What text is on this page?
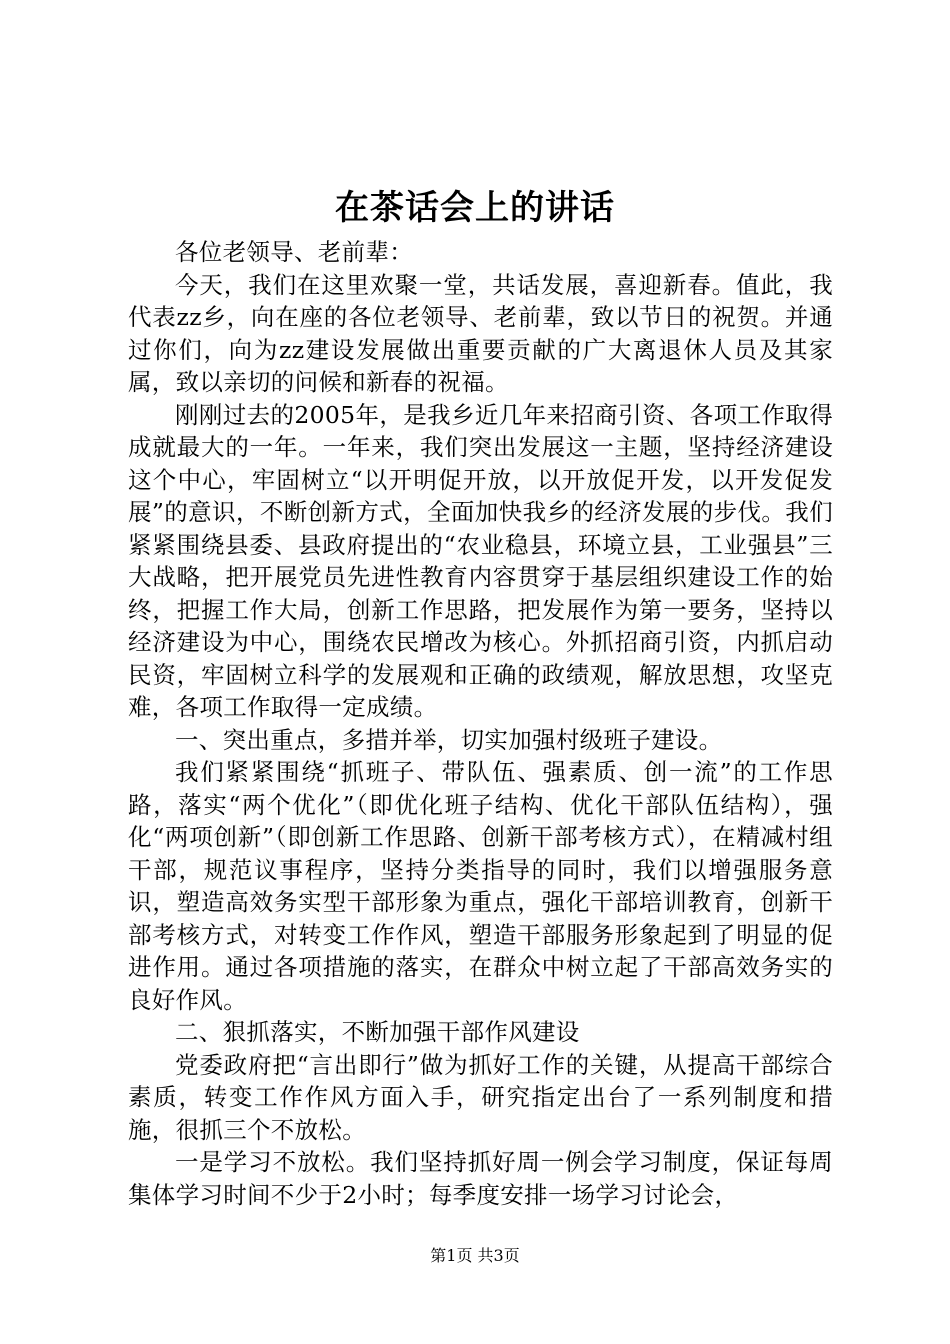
在茶话会上的讲话

各位老领导、老前辈：

今天，我们在这里欢聚一堂，共话发展，喜迎新春。值此，我代表zz乡，向在座的各位老领导、老前辈，致以节日的祝贺。并通过你们，向为zz建设发展做出重要贡献的广大离退休人员及其家属，致以亲切的问候和新春的祝福。

刚刚过去的2005年，是我乡近几年来招商引资、各项工作取得成就最大的一年。一年来，我们突出发展这一主题，坚持经济建设这个中心，牢固树立“以开明促开放，以开放促开发，以开发促发展”的意识，不断创新方式，全面加快我乡的经济发展的步伐。我们紧紧围绕县委、县政府提出的“农业稳县，环境立县，工业强县”三大战略，把开展党员先进性教育内容贯穿于基层组织建设工作的始终，把握工作大局，创新工作思路，把发展作为第一要务，坚持以经济建设为中心，围绕农民增改为核心。外抓招商引资，内抓启动民资，牢固树立科学的发展观和正确的政绩观，解放思想，攻坚克难，各项工作取得一定成绩。

一、突出重点，多措并举，切实加强村级班子建设。

我们紧紧围绕“抓班子、带队伍、强素质、创一流”的工作思路，落实“两个优化”（即优化班子结构、优化干部队伍结构），强化“两项创新”（即创新工作思路、创新干部考核方式），在精减村组干部，规范议事程序，坚持分类指导的同时，我们以增强服务意识，塑造高效务实型干部形象为重点，强化干部培训教育，创新干部考核方式，对转变工作作风，塑造干部服务形象起到了明显的促进作用。通过各项措施的落实，在群众中树立起了干部高效务实的良好作风。

二、狠抓落实，不断加强干部作风建设

党委政府把“言出即行”做为抓好工作的关键，从提高干部综合素质，转变工作作风方面入手，研究指定出台了一系列制度和措施，很抓三个不放松。

一是学习不放松。我们坚持抓好周一例会学习制度，保证每周集体学习时间不少于2小时；每季度安排一场学习讨论会，

第1页 共3页
